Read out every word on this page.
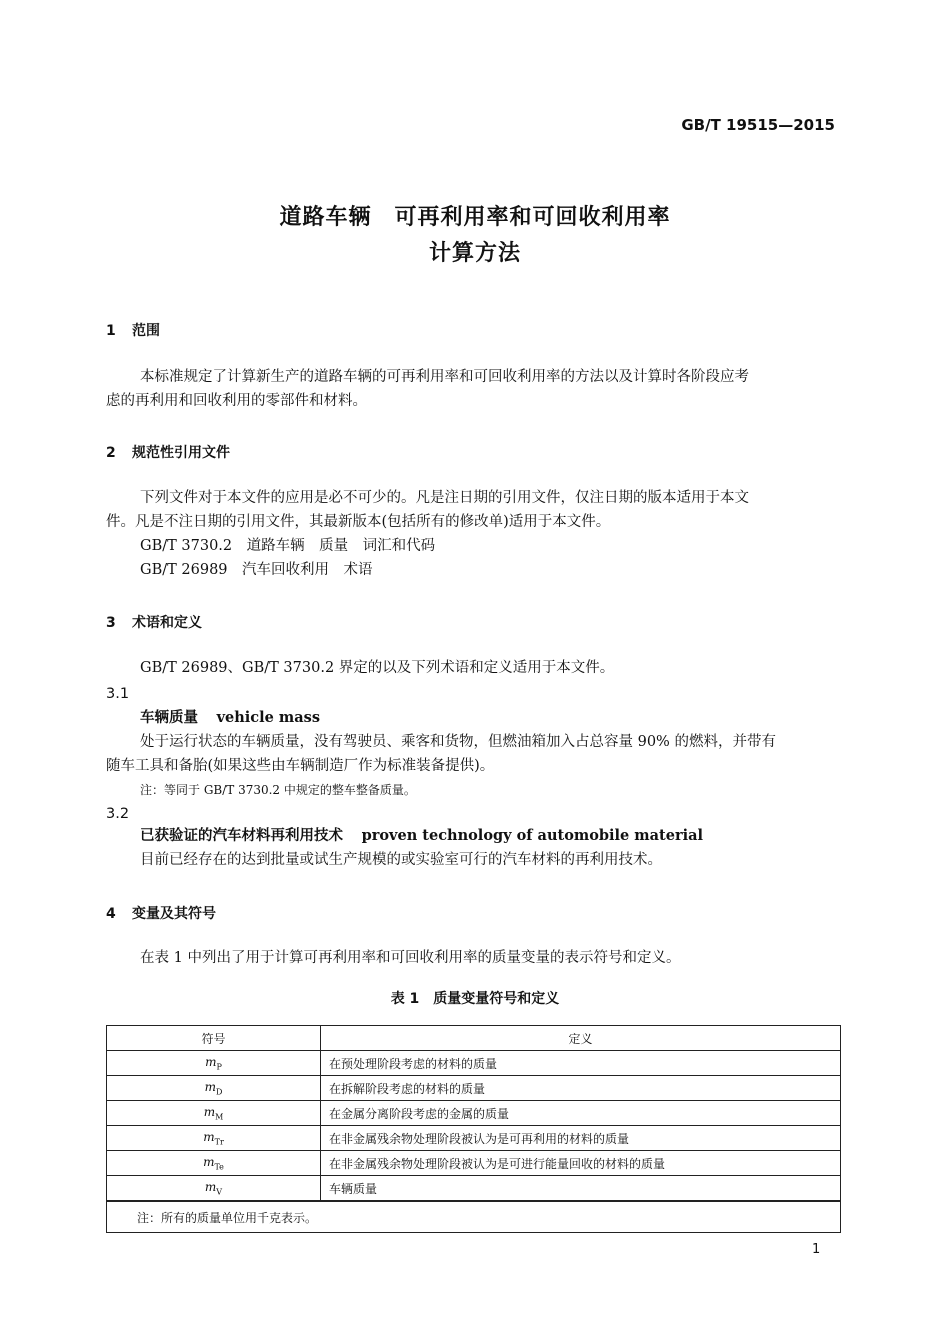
GB/T 19515—2015
道路车辆　可再利用率和可回收利用率
计算方法
1 范围
本标准规定了计算新生产的道路车辆的可再利用率和可回收利用率的方法以及计算时各阶段应考
虑的再利用和回收利用的零部件和材料。
2 规范性引用文件
下列文件对于本文件的应用是必不可少的。凡是注日期的引用文件，仅注日期的版本适用于本文
件。凡是不注日期的引用文件，其最新版本(包括所有的修改单)适用于本文件。
GB/T 3730.2　道路车辆　质量　词汇和代码
GB/T 26989　汽车回收利用　术语
3 术语和定义
GB/T 26989、GB/T 3730.2 界定的以及下列术语和定义适用于本文件。
3.1
车辆质量 vehicle mass
处于运行状态的车辆质量，没有驾驶员、乘客和货物，但燃油箱加入占总容量 90% 的燃料，并带有
随车工具和备胎(如果这些由车辆制造厂作为标准装备提供)。
注：等同于 GB/T 3730.2 中规定的整车整备质量。
3.2
已获验证的汽车材料再利用技术 proven technology of automobile material
目前已经存在的达到批量或试生产规模的或实验室可行的汽车材料的再利用技术。
4 变量及其符号
在表 1 中列出了用于计算可再利用率和可回收利用率的质量变量的表示符号和定义。
表 1　质量变量符号和定义
符号	定义
$m_P$	在预处理阶段考虑的材料的质量
$m_D$	在拆解阶段考虑的材料的质量
$m_M$	在金属分离阶段考虑的金属的质量
$m_{Tr}$	在非金属残余物处理阶段被认为是可再利用的材料的质量
$m_{Te}$	在非金属残余物处理阶段被认为是可进行能量回收的材料的质量
$m_V$	车辆质量
注：所有的质量单位用千克表示。	
1
